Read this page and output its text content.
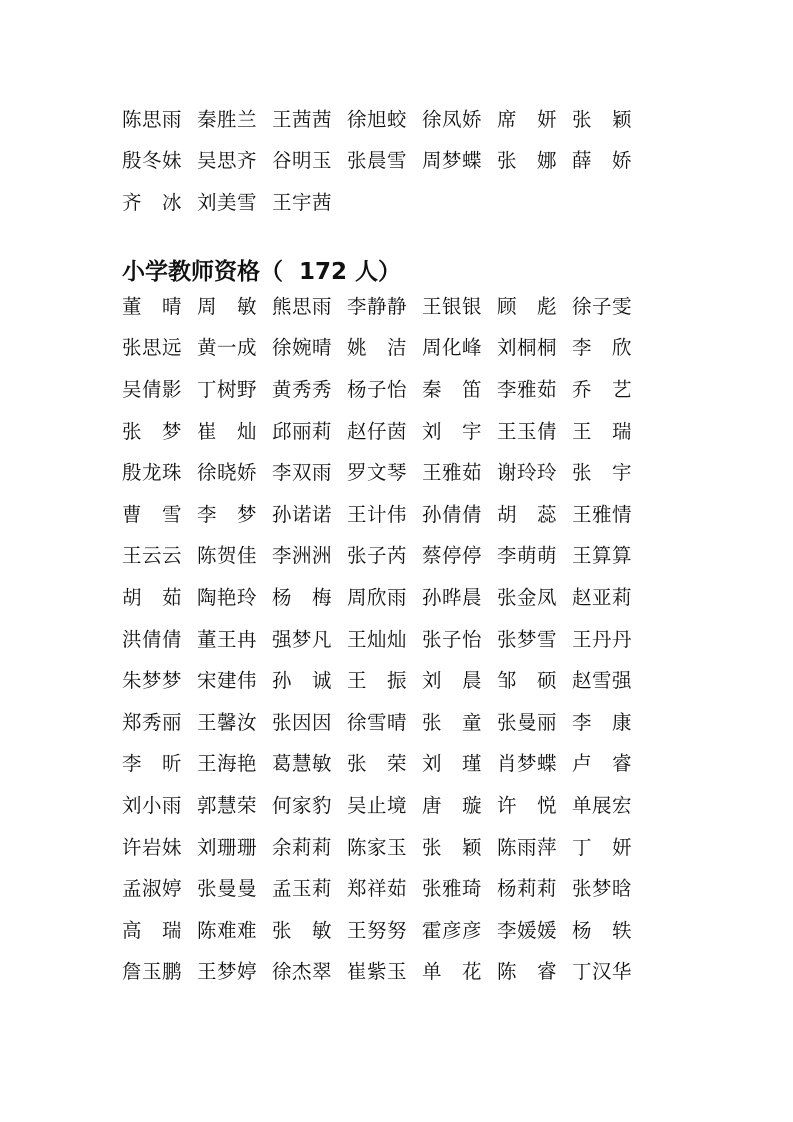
陈思雨 秦胜兰 王茜茜 徐旭蛟 徐凤娇 席　妍 张　颖
殷冬妹 吴思齐 谷明玉 张晨雪 周梦蝶 张　娜 薛　娇
齐　冰 刘美雪 王宇茜
小学教师资格（  172 人）
董　晴 周　敏 熊思雨 李静静 王银银 顾　彪 徐子雯
张思远 黄一成 徐婉晴 姚　洁 周化峰 刘桐桐 李　欣
吴倩影 丁树野 黄秀秀 杨子怡 秦　笛 李雅茹 乔　艺
张　梦 崔　灿 邱丽莉 赵仔茵 刘　宇 王玉倩 王　瑞
殷龙珠 徐晓娇 李双雨 罗文琴 王雅茹 谢玲玲 张　宇
曹　雪 李　梦 孙诺诺 王计伟 孙倩倩 胡　蕊 王雅情
王云云 陈贺佳 李洲洲 张子芮 蔡停停 李萌萌 王算算
胡　茹 陶艳玲 杨　梅 周欣雨 孙晔晨 张金凤 赵亚莉
洪倩倩 董王冉 强梦凡 王灿灿 张子怡 张梦雪 王丹丹
朱梦梦 宋建伟 孙　诚 王　振 刘　晨 邹　硕 赵雪强
郑秀丽 王馨汝 张因因 徐雪晴 张　童 张曼丽 李　康
李　昕 王海艳 葛慧敏 张　荣 刘　瑾 肖梦蝶 卢　睿
刘小雨 郭慧荣 何家豹 吴止境 唐　璇 许　悦 单展宏
许岩妹 刘珊珊 余莉莉 陈家玉 张　颖 陈雨萍 丁　妍
孟淑婷 张曼曼 孟玉莉 郑祥茹 张雅琦 杨莉莉 张梦晗
高　瑞 陈难难 张　敏 王努努 霍彦彦 李媛媛 杨　轶
詹玉鹏 王梦婷 徐杰翠 崔紫玉 单　花 陈　睿 丁汉华
